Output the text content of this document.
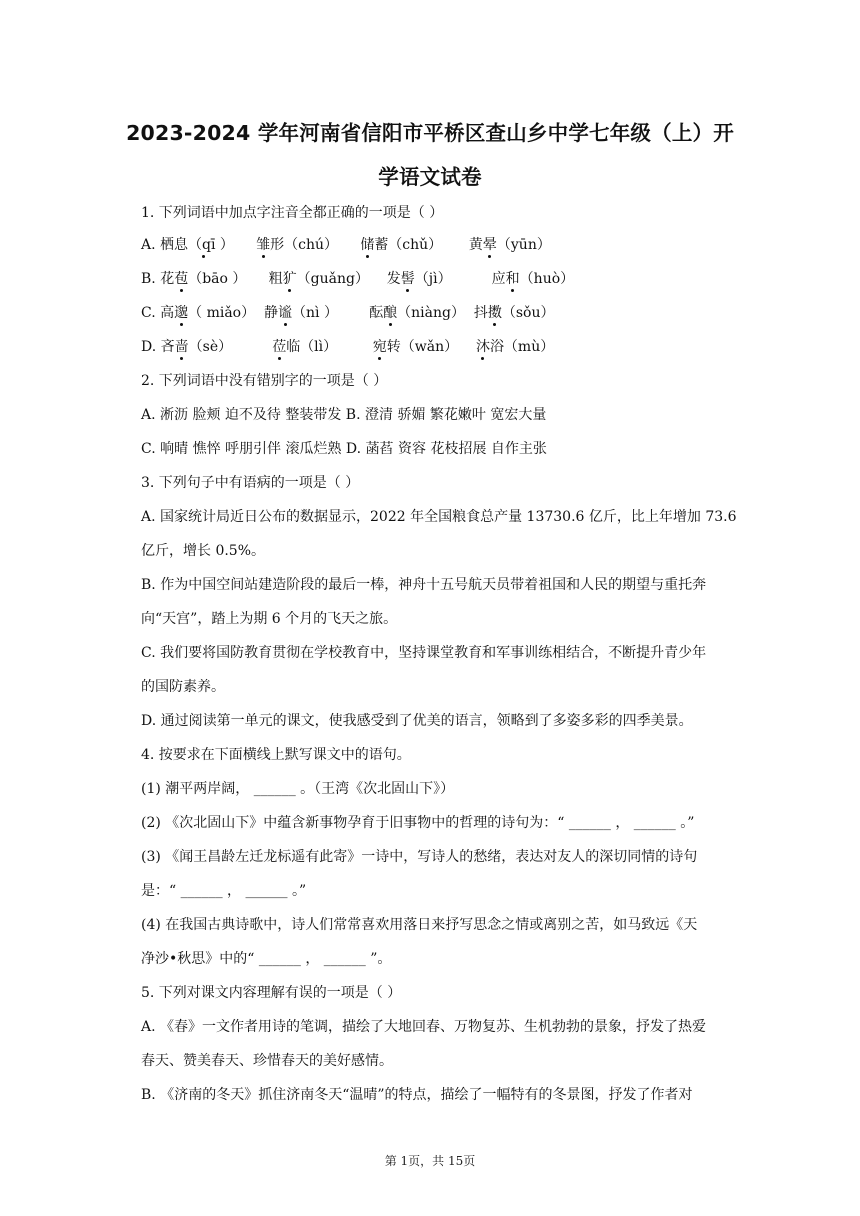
2023-2024 学年河南省信阳市平桥区查山乡中学七年级（上）开
学语文试卷
1. 下列词语中加点字注音全都正确的一项是（ ）
A. 栖息（qī ） 雏形（chú） 储蓄（chǔ） 黄晕（yūn）
B. 花苞（bāo ） 粗犷（guǎng） 发髻（jì）	应和（huò）
C. 高邈（ miǎo） 静谧（nì ） 酝酿（niàng） 抖擞（sǒu）
D. 吝啬（sè）	莅临（lì）	宛转（wǎn） 沐浴（mù）
2. 下列词语中没有错别字的一项是（ ）
A. 淅沥 脸颊 迫不及待 整装带发 B. 澄清 骄媚 繁花嫩叶 宽宏大量
C. 响晴 憔悴 呼朋引伴 滚瓜烂熟 D. 菡萏 资容 花枝招展 自作主张
3. 下列句子中有语病的一项是（ ）
A. 国家统计局近日公布的数据显示，2022 年全国粮食总产量 13730.6 亿斤，比上年增加 73.6
亿斤，增长 0.5%。
B. 作为中国空间站建造阶段的最后一棒，神舟十五号航天员带着祖国和人民的期望与重托奔
向“天宫”，踏上为期 6 个月的飞天之旅。
C. 我们要将国防教育贯彻在学校教育中，坚持课堂教育和军事训练相结合，不断提升青少年
的国防素养。
D. 通过阅读第一单元的课文，使我感受到了优美的语言，领略到了多姿多彩的四季美景。
4. 按要求在下面横线上默写课文中的语句。
(1) 潮平两岸阔， ______ 。（王湾《次北固山下》）
(2) 《次北固山下》中蕴含新事物孕育于旧事物中的哲理的诗句为：“ ______ ， ______ 。”
(3) 《闻王昌龄左迁龙标遥有此寄》一诗中，写诗人的愁绪，表达对友人的深切同情的诗句
是：“ ______ ， ______ 。”
(4) 在我国古典诗歌中，诗人们常常喜欢用落日来抒写思念之情或离别之苦，如马致远《天
净沙•秋思》中的“ ______ ， ______ ”。
5. 下列对课文内容理解有误的一项是（ ）
A. 《春》一文作者用诗的笔调，描绘了大地回春、万物复苏、生机勃勃的景象，抒发了热爱
春天、赞美春天、珍惜春天的美好感情。
B. 《济南的冬天》抓住济南冬天“温晴”的特点，描绘了一幅特有的冬景图，抒发了作者对
第 1页，共 15页
